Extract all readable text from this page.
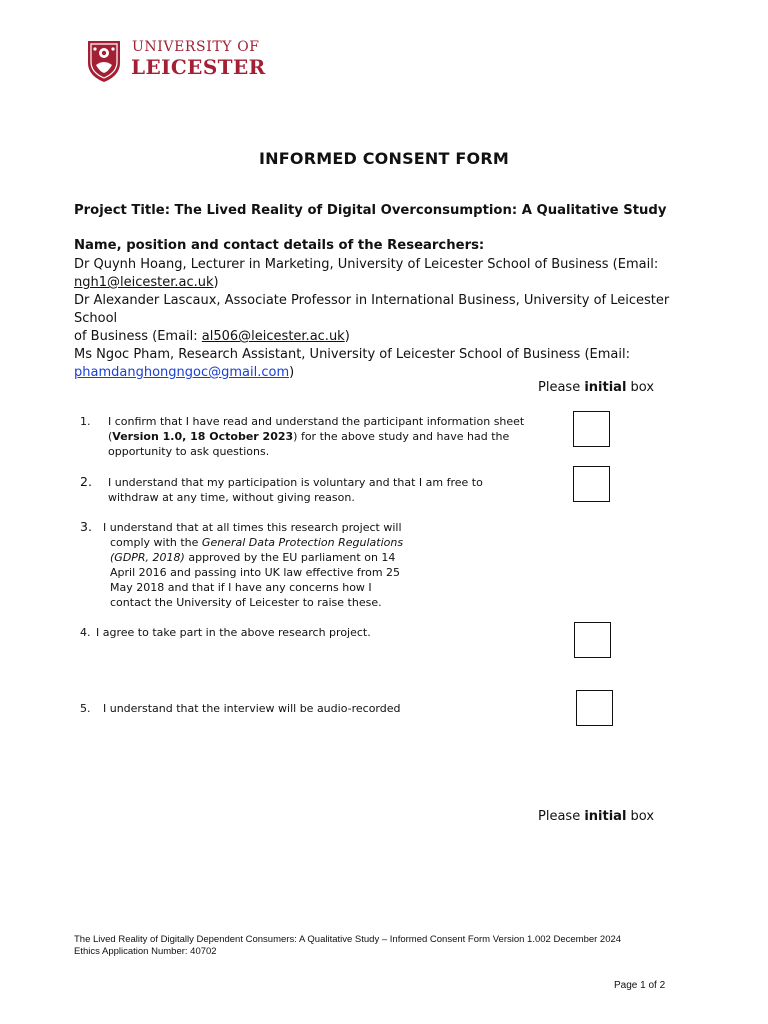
UNIVERSITY OF
LEICESTER
INFORMED CONSENT FORM
Project Title: The Lived Reality of Digital Overconsumption: A Qualitative Study
Name, position and contact details of the Researchers:
Dr Quynh Hoang, Lecturer in Marketing, University of Leicester School of Business (Email:
ngh1@leicester.ac.uk)
Dr Alexander Lascaux, Associate Professor in International Business, University of Leicester School
of Business (Email: al506@leicester.ac.uk)
Ms Ngoc Pham, Research Assistant, University of Leicester School of Business (Email:
phamdanghongngoc@gmail.com)
Please initial box
1. I confirm that I have read and understand the participant information sheet
(Version 1.0, 18 October 2023) for the above study and have had the
opportunity to ask questions.
2. I understand that my participation is voluntary and that I am free to
withdraw at any time, without giving reason.
3. I understand that at all times this research project will
comply with the General Data Protection Regulations
(GDPR, 2018) approved by the EU parliament on 14
April 2016 and passing into UK law effective from 25
May 2018 and that if I have any concerns how I
contact the University of Leicester to raise these.
4. I agree to take part in the above research project.
5. I understand that the interview will be audio-recorded
Please initial box
The Lived Reality of Digitally Dependent Consumers: A Qualitative Study – Informed Consent Form Version 1.002 December 2024
Ethics Application Number: 40702
Page 1 of 2
